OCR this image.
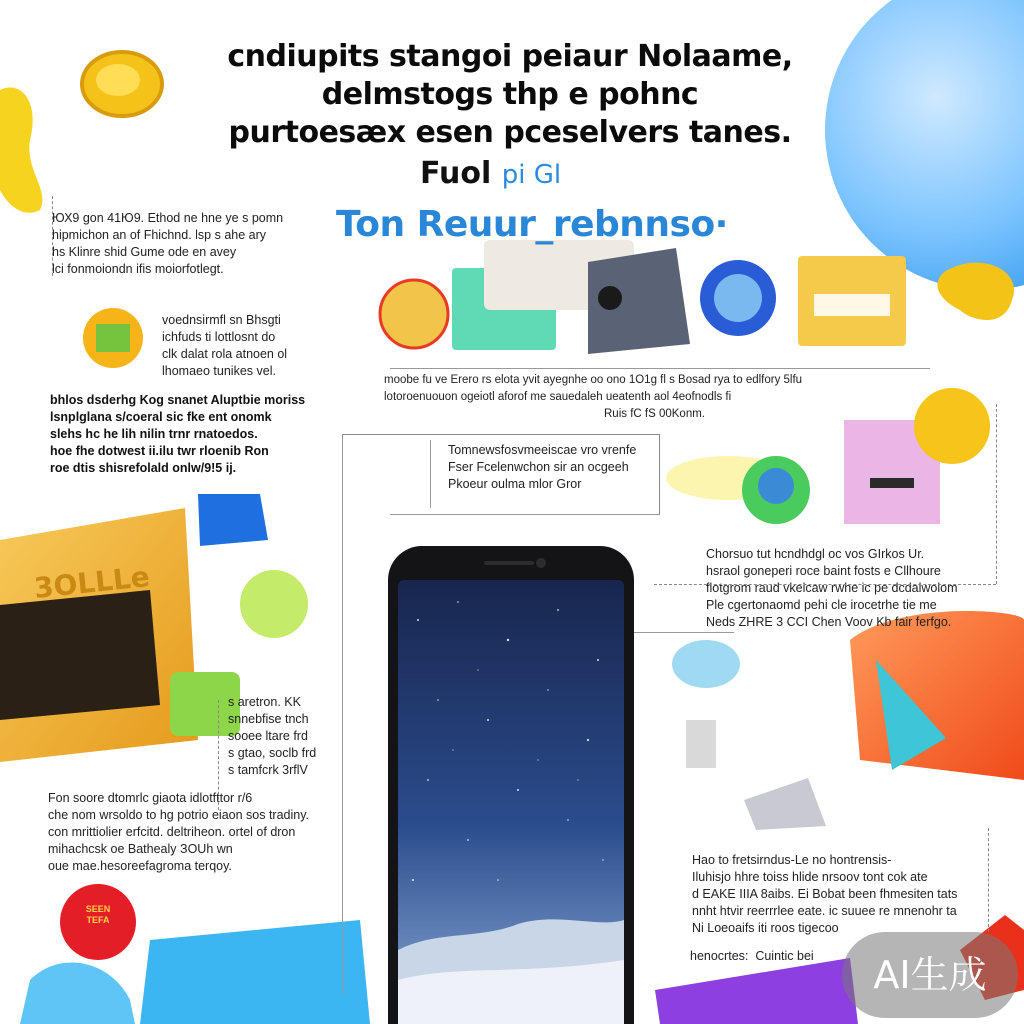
cndiupits stangoi peiaur Nolaame,
delmstogs thp e pohnc
purtoesæx esen pceselvers tanes.

Fuol pi Gl

Ton Reuur_rebnnso·

ЮХ9 gon 41Ю9. Ethod ne hne ye s pomn
hipmichon an of Fhichnd. lsp s ahe ary
hs Klinre shid Gume ode en avey
lci fonmoiondn ifis moiorfotlegt.
voednsirmfl sn Bhsgti
ichfuds ti lottlosnt do
clk dalat rola atnoen ol
lhomaeo tunikes vel.
bhlos dsderhg Kog snanet Aluptbie moriss
lsnplglana s/coeral sic fke ent onomk
slehs hc he lih nilin trnr rnatoedos.
hoe fhe dotwest ii.ilu twr rloenib Ron
roe dtis shisrefolald onlw/9!5 ij.
moobe fu ve Erero rs elota yvit ayegnhe oo ono 1O1g fl s Bosad rya to edlfory 5lfu
lotoroenuouon ogeiotl aforof me sauedaleh ueatenth aol 4eofnodls fi
Ruis fC fS 00Konm.
Tomnewsfosvmeeiscae vro vrenfe
Fser Fcelenwchon sir an ocgeeh
Pkoeur oulma mlor Gror
s aretron. KK
snnebfise tnch
sooee ltare frd
s gtao, soclb frd
s tamfcrk 3rflV
Fon soore dtomrlc giaota idlotfttor r/6
che nom wrsoldo to hg potrio eiaon sos tradiny.
con mrittiolier erfcitd. deltriheon. ortel of dron
mihachcsk oe Bathealy ЗOUh wn
oue mae.hesoreefagroma terqoy.
Chorsuo tut hcndhdgl oc vos GIrkos Ur.
hsraol goneperi roce baint fosts e Cllhoure
flotgrom raud vkelcaw rwhe ic pe dcdalwolom
Ple cgertonaomd pehi cle irocetrhe tie me
Neds ZHRE 3 CCI Chen Voov Kb fair ferfgo.
Hao to fretsirndus-Le no hontrensis-
Iluhisjo hhre toiss hlide nrsoov tont cok ate
d EAKE IIIA 8aibs. Ei Bobat been fhmesiten tats
nnht htvir reerrrlee eate. ic suuee re mnenohr ta
Ni Loeoaifs iti roos tigecoo
henocrtes: Cuintic bei
3OLLLe
SEEN
TEFA
AI生成
